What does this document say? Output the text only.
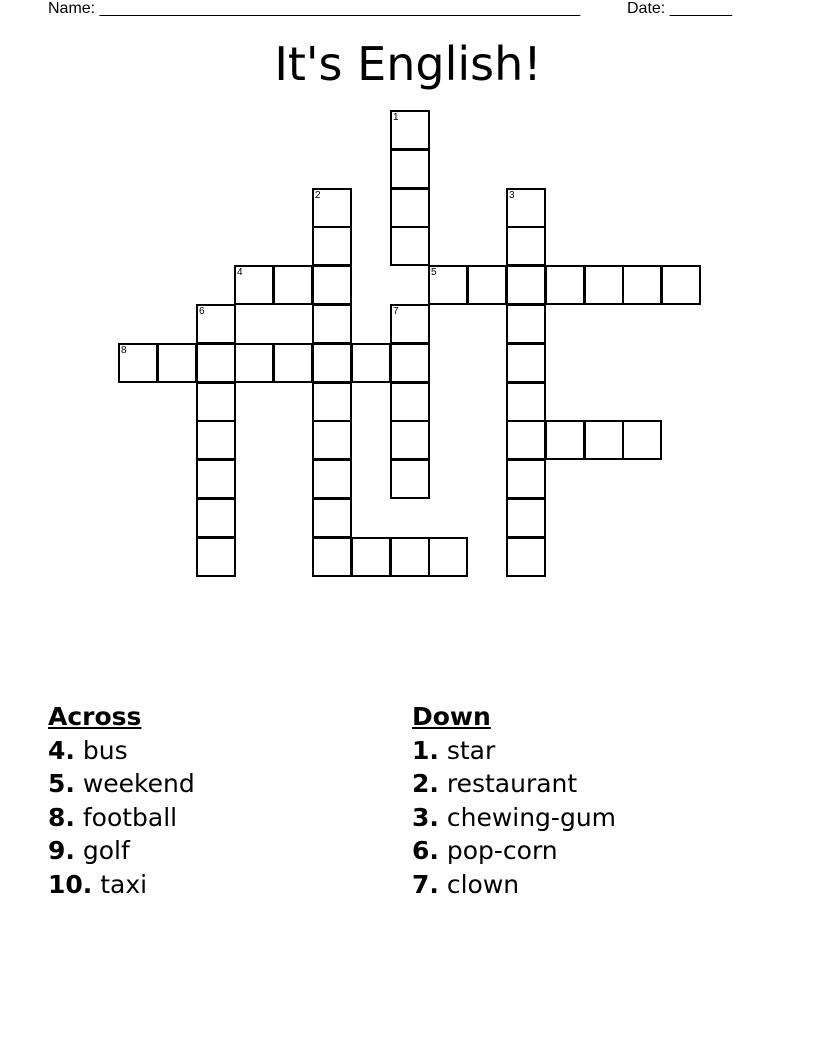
Name: ______________________________________________________	Date: _______
It's English!
1
2	3
4	5
6	7
8
Across
4. bus
5. weekend
8. football
9. golf
10. taxi
Down
1. star
2. restaurant
3. chewing-gum
6. pop-corn
7. clown
